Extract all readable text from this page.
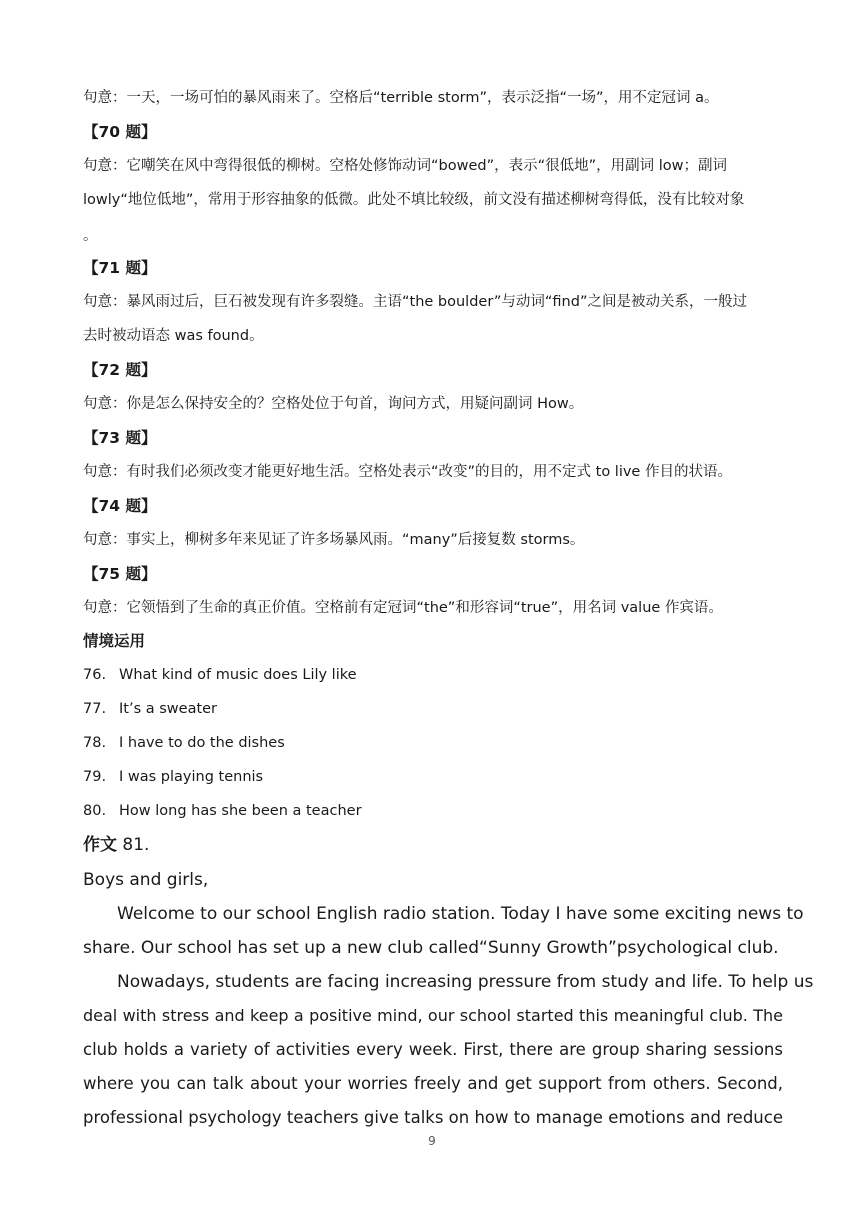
句意：一天，一场可怕的暴风雨来了。空格后“terrible storm”，表示泛指“一场”，用不定冠词 a。
【70 题】
句意：它嘲笑在风中弯得很低的柳树。空格处修饰动词“bowed”，表示“很低地”，用副词 low；副词
lowly“地位低地”，常用于形容抽象的低微。此处不填比较级，前文没有描述柳树弯得低，没有比较对象
。
【71 题】
句意：暴风雨过后，巨石被发现有许多裂缝。主语“the boulder”与动词“find”之间是被动关系，一般过
去时被动语态 was found。
【72 题】
句意：你是怎么保持安全的？空格处位于句首，询问方式，用疑问副词 How。
【73 题】
句意：有时我们必须改变才能更好地生活。空格处表示“改变”的目的，用不定式 to live 作目的状语。
【74 题】
句意：事实上，柳树多年来见证了许多场暴风雨。“many”后接复数 storms。
【75 题】
句意：它领悟到了生命的真正价值。空格前有定冠词“the”和形容词“true”，用名词 value 作宾语。
情境运用
76. What kind of music does Lily like
77. It’s a sweater
78. I have to do the dishes
79. I was playing tennis
80. How long has she been a teacher
作文 81.
Boys and girls,
Welcome to our school English radio station. Today I have some exciting news to
share. Our school has set up a new club called“Sunny Growth”psychological club.
Nowadays, students are facing increasing pressure from study and life. To help us
deal with stress and keep a positive mind, our school started this meaningful club. The
club holds a variety of activities every week. First, there are group sharing sessions
where you can talk about your worries freely and get support from others. Second,
professional psychology teachers give talks on how to manage emotions and reduce
9
